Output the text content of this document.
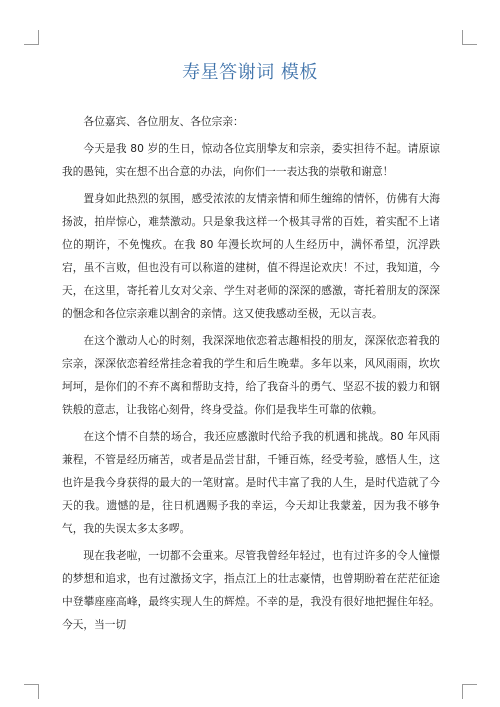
寿星答谢词 模板

各位嘉宾、各位朋友、各位宗亲：

今天是我 80 岁的生日，惊动各位宾朋挚友和宗亲，委实担待不起。请原谅我的愚钝，实在想不出合意的办法，向你们一一表达我的崇敬和谢意！

置身如此热烈的氛围，感受浓浓的友情亲情和师生缠绵的情怀，仿佛有大海扬波，拍岸惊心，难禁激动。只是象我这样一个极其寻常的百姓，着实配不上诸位的期许，不免愧疚。在我 80 年漫长坎坷的人生经历中，满怀希望，沉浮跌宕，虽不言败，但也没有可以称道的建树，值不得逞论欢庆！不过，我知道，今天，在这里，寄托着儿女对父亲、学生对老师的深深的感激，寄托着朋友的深深的悃念和各位宗亲难以割舍的亲情。这又使我感动至极，无以言表。

在这个激动人心的时刻，我深深地依恋着志趣相投的朋友，深深依恋着我的宗亲，深深依恋着经常挂念着我的学生和后生晚辈。多年以来，风风雨雨，坎坎坷坷，是你们的不弃不离和帮助支持，给了我奋斗的勇气、坚忍不拔的毅力和钢铁般的意志，让我铭心刻骨，终身受益。你们是我毕生可靠的依赖。

在这个情不自禁的场合，我还应感激时代给予我的机遇和挑战。80 年风雨兼程，不管是经历痛苦，或者是品尝甘甜，千锤百炼，经受考验，感悟人生，这也许是我今身获得的最大的一笔财富。是时代丰富了我的人生，是时代造就了今天的我。遗憾的是，往日机遇赐予我的幸运，今天却让我蒙羞，因为我不够争气，我的失误太多太多啰。

现在我老啦，一切都不会重来。尽管我曾经年轻过，也有过许多的令人憧憬的梦想和追求，也有过激扬文字，指点江上的壮志豪情，也曾期盼着在茫茫征途中登攀座座高峰，最终实现人生的辉煌。不幸的是，我没有很好地把握住年轻。今天，当一切
